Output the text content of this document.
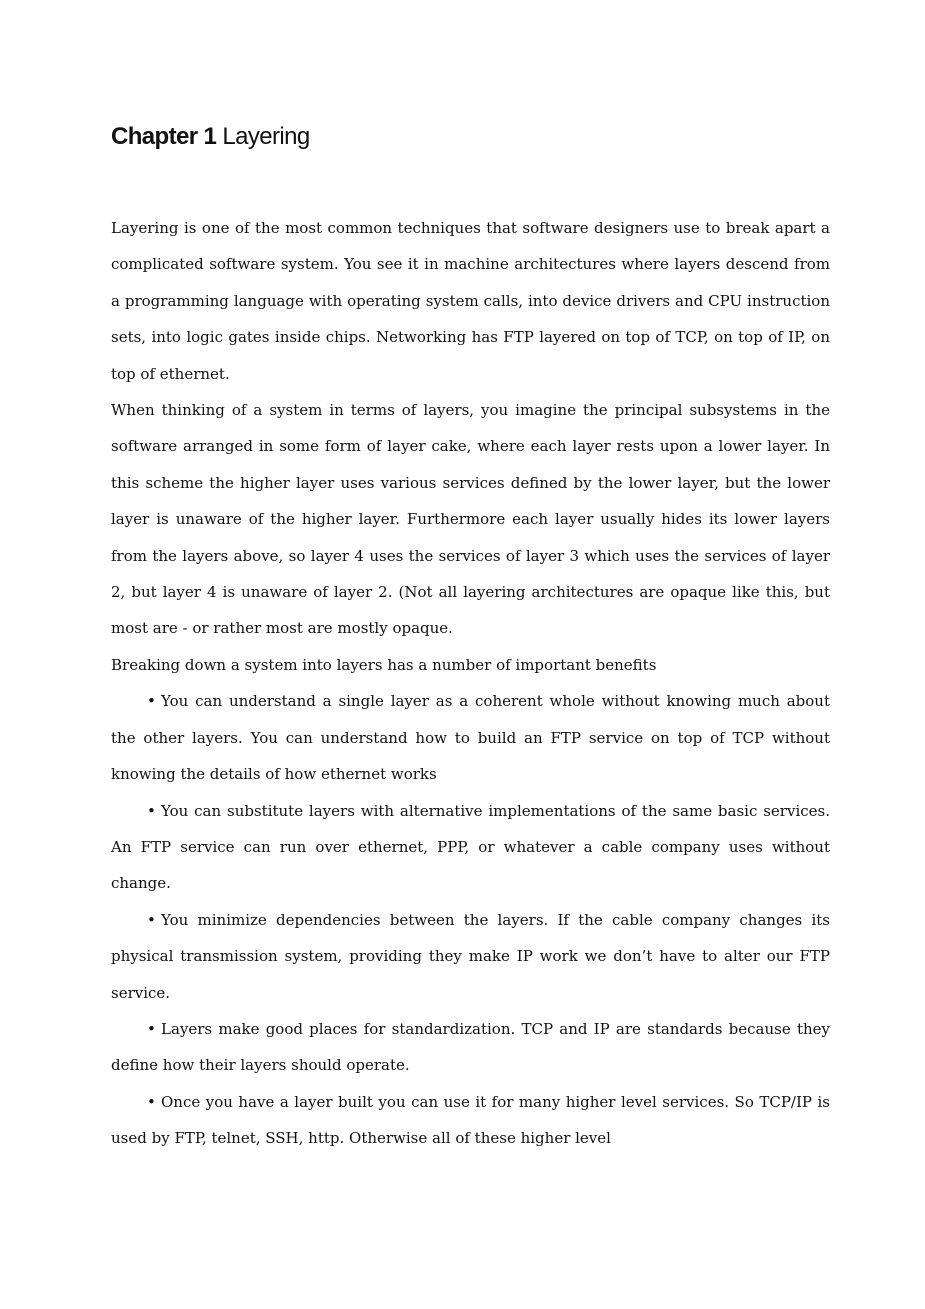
Chapter 1 Layering

Layering is one of the most common techniques that software designers use to break apart a complicated software system. You see it in machine architectures where layers descend from a programming language with operating system calls, into device drivers and CPU instruction sets, into logic gates inside chips. Networking has FTP layered on top of TCP, on top of IP, on top of ethernet.

When thinking of a system in terms of layers, you imagine the principal subsystems in the software arranged in some form of layer cake, where each layer rests upon a lower layer. In this scheme the higher layer uses various services defined by the lower layer, but the lower layer is unaware of the higher layer. Furthermore each layer usually hides its lower layers from the layers above, so layer 4 uses the services of layer 3 which uses the services of layer 2, but layer 4 is unaware of layer 2. (Not all layering architectures are opaque like this, but most are - or rather most are mostly opaque.

Breaking down a system into layers has a number of important benefits

• You can understand a single layer as a coherent whole without knowing much about the other layers. You can understand how to build an FTP service on top of TCP without knowing the details of how ethernet works

• You can substitute layers with alternative implementations of the same basic services. An FTP service can run over ethernet, PPP, or whatever a cable company uses without change.

• You minimize dependencies between the layers. If the cable company changes its physical transmission system, providing they make IP work we don’t have to alter our FTP service.

• Layers make good places for standardization. TCP and IP are standards because they define how their layers should operate.

• Once you have a layer built you can use it for many higher level services. So TCP/IP is used by FTP, telnet, SSH, http. Otherwise all of these higher level
